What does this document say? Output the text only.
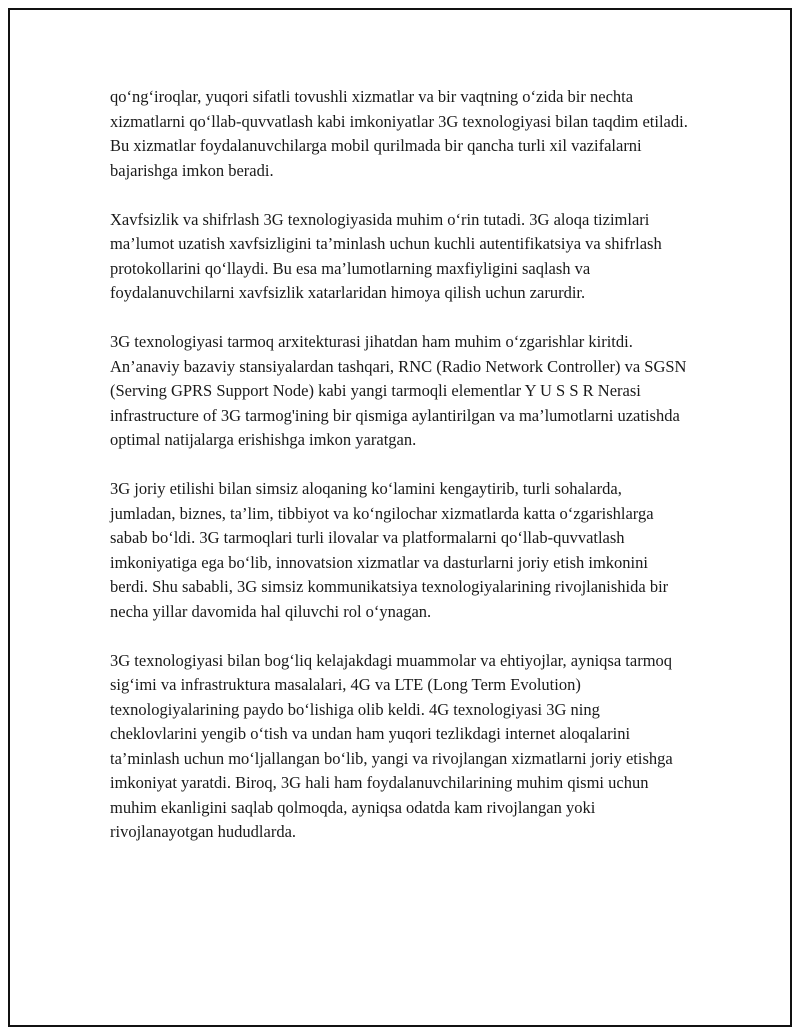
qo‘ng‘iroqlar, yuqori sifatli tovushli xizmatlar va bir vaqtning o‘zida bir nechta xizmatlarni qo‘llab-quvvatlash kabi imkoniyatlar 3G texnologiyasi bilan taqdim etiladi. Bu xizmatlar foydalanuvchilarga mobil qurilmada bir qancha turli xil vazifalarni bajarishga imkon beradi.

Xavfsizlik va shifrlash 3G texnologiyasida muhim o‘rin tutadi. 3G aloqa tizimlari ma’lumot uzatish xavfsizligini ta’minlash uchun kuchli autentifikatsiya va shifrlash protokollarini qo‘llaydi. Bu esa ma’lumotlarning maxfiyligini saqlash va foydalanuvchilarni xavfsizlik xatarlaridan himoya qilish uchun zarurdir.

3G texnologiyasi tarmoq arxitekturasi jihatdan ham muhim o‘zgarishlar kiritdi. An’anaviy bazaviy stansiyalardan tashqari, RNC (Radio Network Controller) va SGSN (Serving GPRS Support Node) kabi yangi tarmoqli elementlar Y U S S R Nerasi infrastructure of 3G tarmog'ining bir qismiga aylantirilgan va ma’lumotlarni uzatishda optimal natijalarga erishishga imkon yaratgan.

3G joriy etilishi bilan simsiz aloqaning ko‘lamini kengaytirib, turli sohalarda, jumladan, biznes, ta’lim, tibbiyot va ko‘ngilochar xizmatlarda katta o‘zgarishlarga sabab bo‘ldi. 3G tarmoqlari turli ilovalar va platformalarni qo‘llab-quvvatlash imkoniyatiga ega bo‘lib, innovatsion xizmatlar va dasturlarni joriy etish imkonini berdi. Shu sababli, 3G simsiz kommunikatsiya texnologiyalarining rivojlanishida bir necha yillar davomida hal qiluvchi rol o‘ynagan.

3G texnologiyasi bilan bog‘liq kelajakdagi muammolar va ehtiyojlar, ayniqsa tarmoq sig‘imi va infrastruktura masalalari, 4G va LTE (Long Term Evolution) texnologiyalarining paydo bo‘lishiga olib keldi. 4G texnologiyasi 3G ning cheklovlarini yengib o‘tish va undan ham yuqori tezlikdagi internet aloqalarini ta’minlash uchun mo‘ljallangan bo‘lib, yangi va rivojlangan xizmatlarni joriy etishga imkoniyat yaratdi. Biroq, 3G hali ham foydalanuvchilarining muhim qismi uchun muhim ekanligini saqlab qolmoqda, ayniqsa odatda kam rivojlangan yoki rivojlanayotgan hududlarda.
